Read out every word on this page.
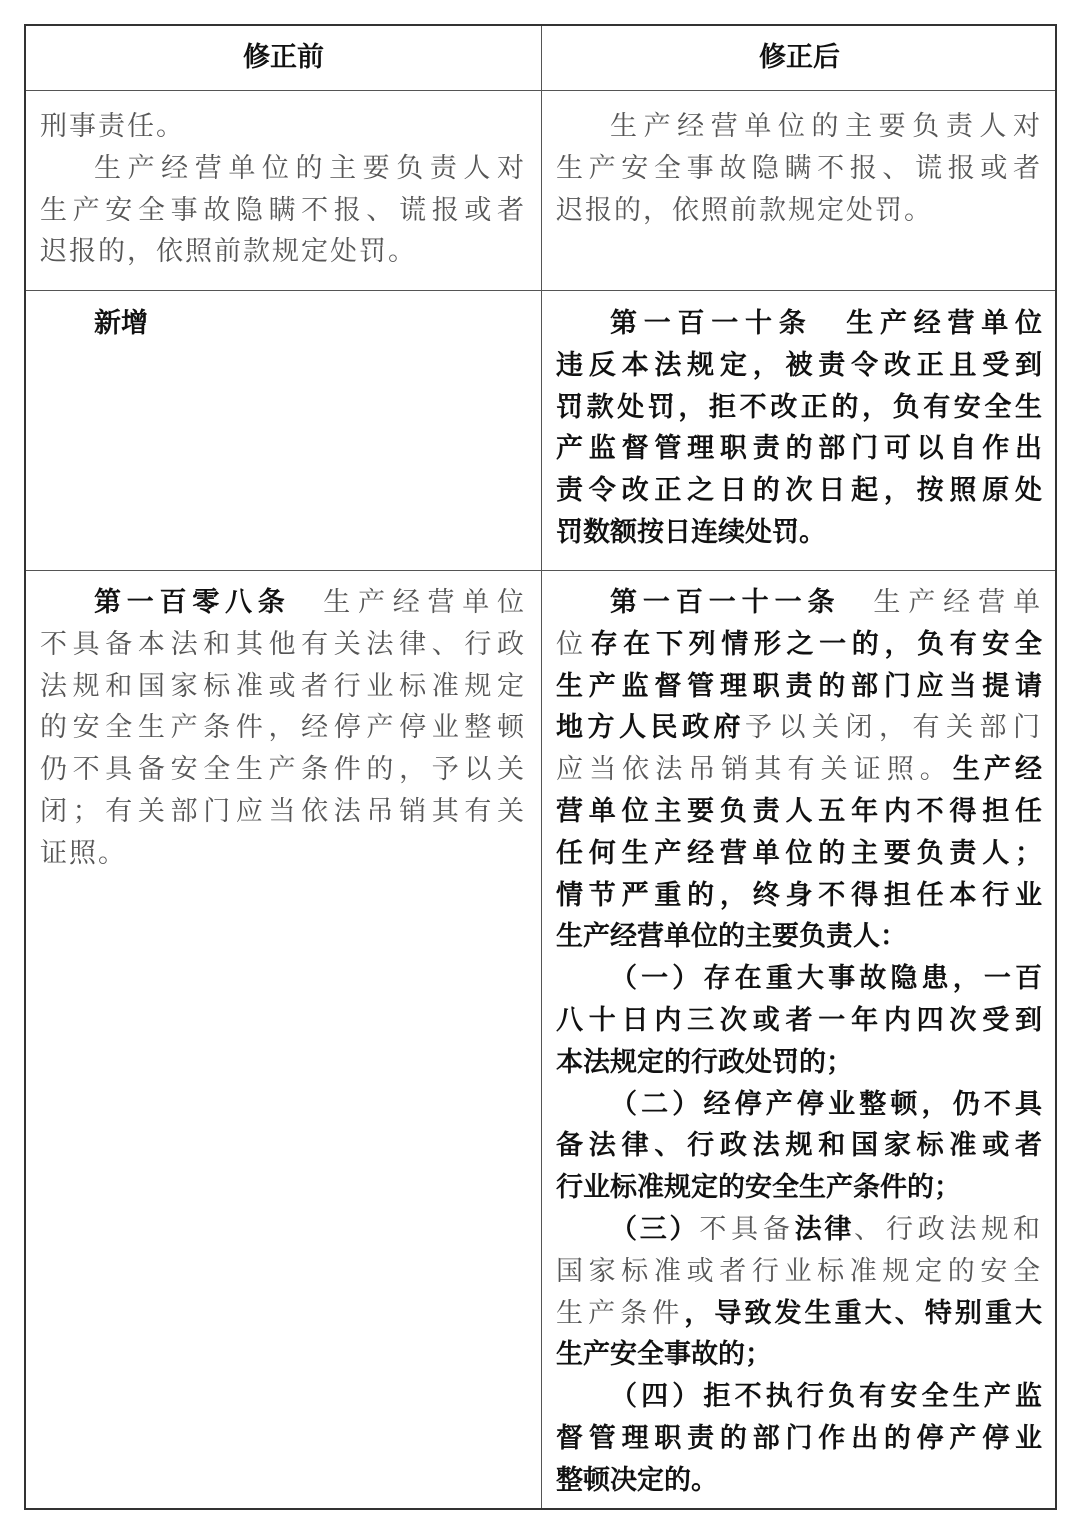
修正前	修正后
刑事责任。
生产经营单位的主要负责人对
生产安全事故隐瞒不报、谎报或者
迟报的，依照前款规定处罚。
生产经营单位的主要负责人对
生产安全事故隐瞒不报、谎报或者
迟报的，依照前款规定处罚。
新增	第一百一十条　生产经营单位
违反本法规定，被责令改正且受到
罚款处罚，拒不改正的，负有安全生
产监督管理职责的部门可以自作出
责令改正之日的次日起，按照原处
罚数额按日连续处罚。
第一百零八条　生产经营单位
不具备本法和其他有关法律、行政
法规和国家标准或者行业标准规定
的安全生产条件，经停产停业整顿
仍不具备安全生产条件的，予以关
闭；有关部门应当依法吊销其有关
证照。
第一百一十一条　生产经营单
位存在下列情形之一的，负有安全
生产监督管理职责的部门应当提请
地方人民政府予以关闭，有关部门
应当依法吊销其有关证照。生产经
营单位主要负责人五年内不得担任
任何生产经营单位的主要负责人；
情节严重的，终身不得担任本行业
生产经营单位的主要负责人：
（一）存在重大事故隐患，一百
八十日内三次或者一年内四次受到
本法规定的行政处罚的；
（二）经停产停业整顿，仍不具
备法律、行政法规和国家标准或者
行业标准规定的安全生产条件的；
（三）不具备法律、行政法规和
国家标准或者行业标准规定的安全
生产条件，导致发生重大、特别重大
生产安全事故的；
（四）拒不执行负有安全生产监
督管理职责的部门作出的停产停业
整顿决定的。
